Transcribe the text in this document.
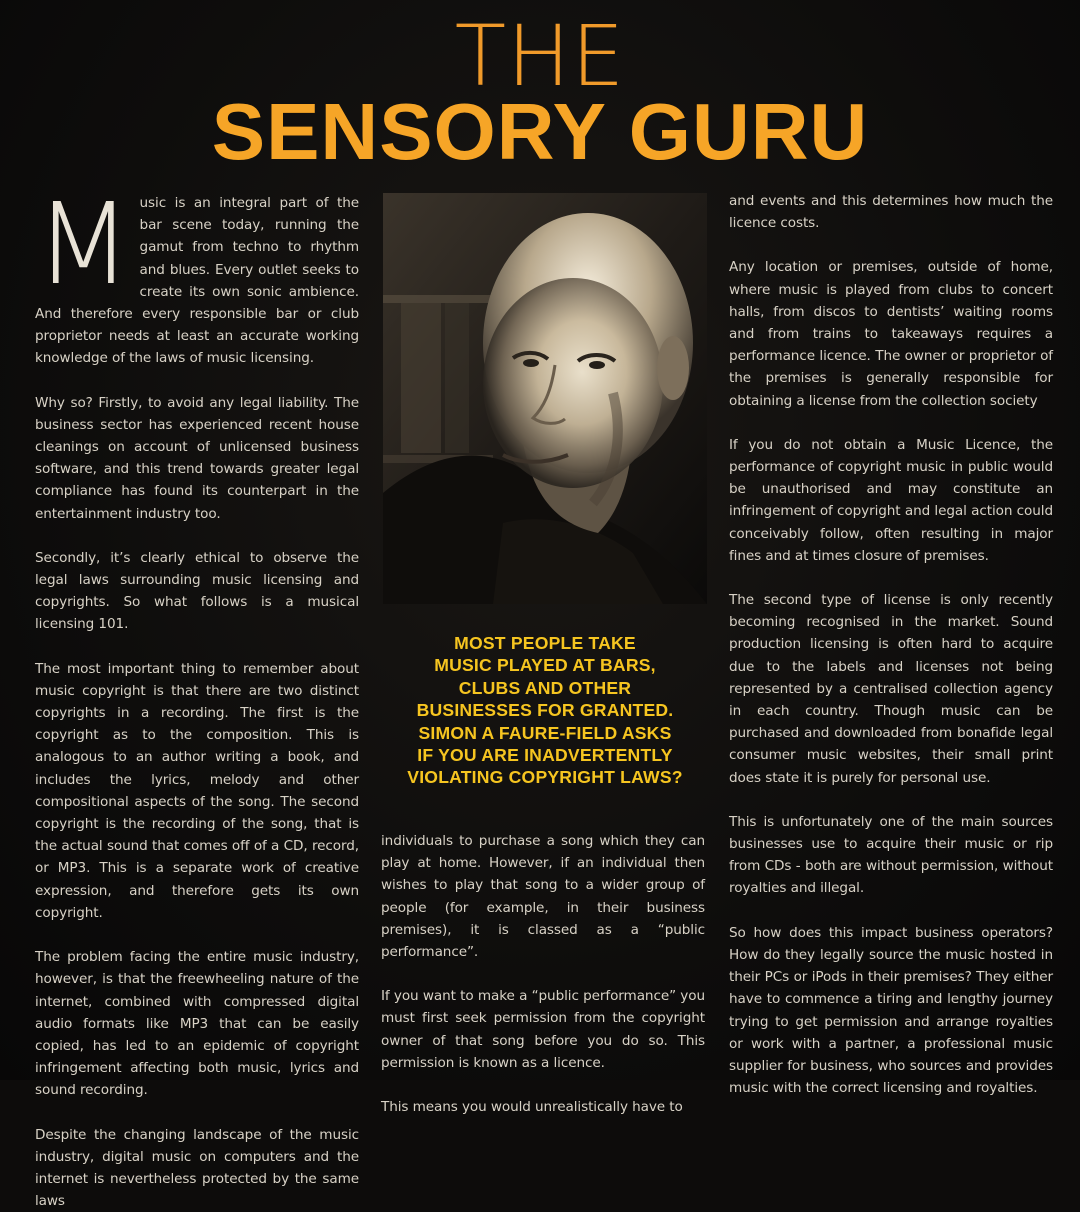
THE
SENSORY GURU

Music is an integral part of the bar scene today, running the gamut from techno to rhythm and blues. Every outlet seeks to create its own sonic ambience. And therefore every responsible bar or club proprietor needs at least an accurate working knowledge of the laws of music licensing.

Why so? Firstly, to avoid any legal liability. The business sector has experienced recent house cleanings on account of unlicensed business software, and this trend towards greater legal compliance has found its counterpart in the entertainment industry too.

Secondly, it’s clearly ethical to observe the legal laws surrounding music licensing and copyrights. So what follows is a musical licensing 101.

The most important thing to remember about music copyright is that there are two distinct copyrights in a recording. The first is the copyright as to the composition. This is analogous to an author writing a book, and includes the lyrics, melody and other compositional aspects of the song. The second copyright is the recording of the song, that is the actual sound that comes off of a CD, record, or MP3. This is a separate work of creative expression, and therefore gets its own copyright.

The problem facing the entire music industry, however, is that the freewheeling nature of the internet, combined with compressed digital audio formats like MP3 that can be easily copied, has led to an epidemic of copyright infringement affecting both music, lyrics and sound recording.

Despite the changing landscape of the music industry, digital music on computers and the internet is nevertheless protected by the same laws

MOST PEOPLE TAKE
MUSIC PLAYED AT BARS,
CLUBS AND OTHER
BUSINESSES FOR GRANTED.
SIMON A FAURE-FIELD ASKS
IF YOU ARE INADVERTENTLY
VIOLATING COPYRIGHT LAWS?

individuals to purchase a song which they can play at home. However, if an individual then wishes to play that song to a wider group of people (for example, in their business premises), it is classed as a “public performance”.

If you want to make a “public performance” you must first seek permission from the copyright owner of that song before you do so. This permission is known as a licence.

This means you would unrealistically have to

and events and this determines how much the licence costs.

Any location or premises, outside of home, where music is played from clubs to concert halls, from discos to dentists’ waiting rooms and from trains to takeaways requires a performance licence. The owner or proprietor of the premises is generally responsible for obtaining a license from the collection society

If you do not obtain a Music Licence, the performance of copyright music in public would be unauthorised and may constitute an infringement of copyright and legal action could conceivably follow, often resulting in major fines and at times closure of premises.

The second type of license is only recently becoming recognised in the market. Sound production licensing is often hard to acquire due to the labels and licenses not being represented by a centralised collection agency in each country. Though music can be purchased and downloaded from bonafide legal consumer music websites, their small print does state it is purely for personal use.

This is unfortunately one of the main sources businesses use to acquire their music or rip from CDs - both are without permission, without royalties and illegal.

So how does this impact business operators? How do they legally source the music hosted in their PCs or iPods in their premises? They either have to commence a tiring and lengthy journey trying to get permission and arrange royalties or work with a partner, a professional music supplier for business, who sources and provides music with the correct licensing and royalties.
